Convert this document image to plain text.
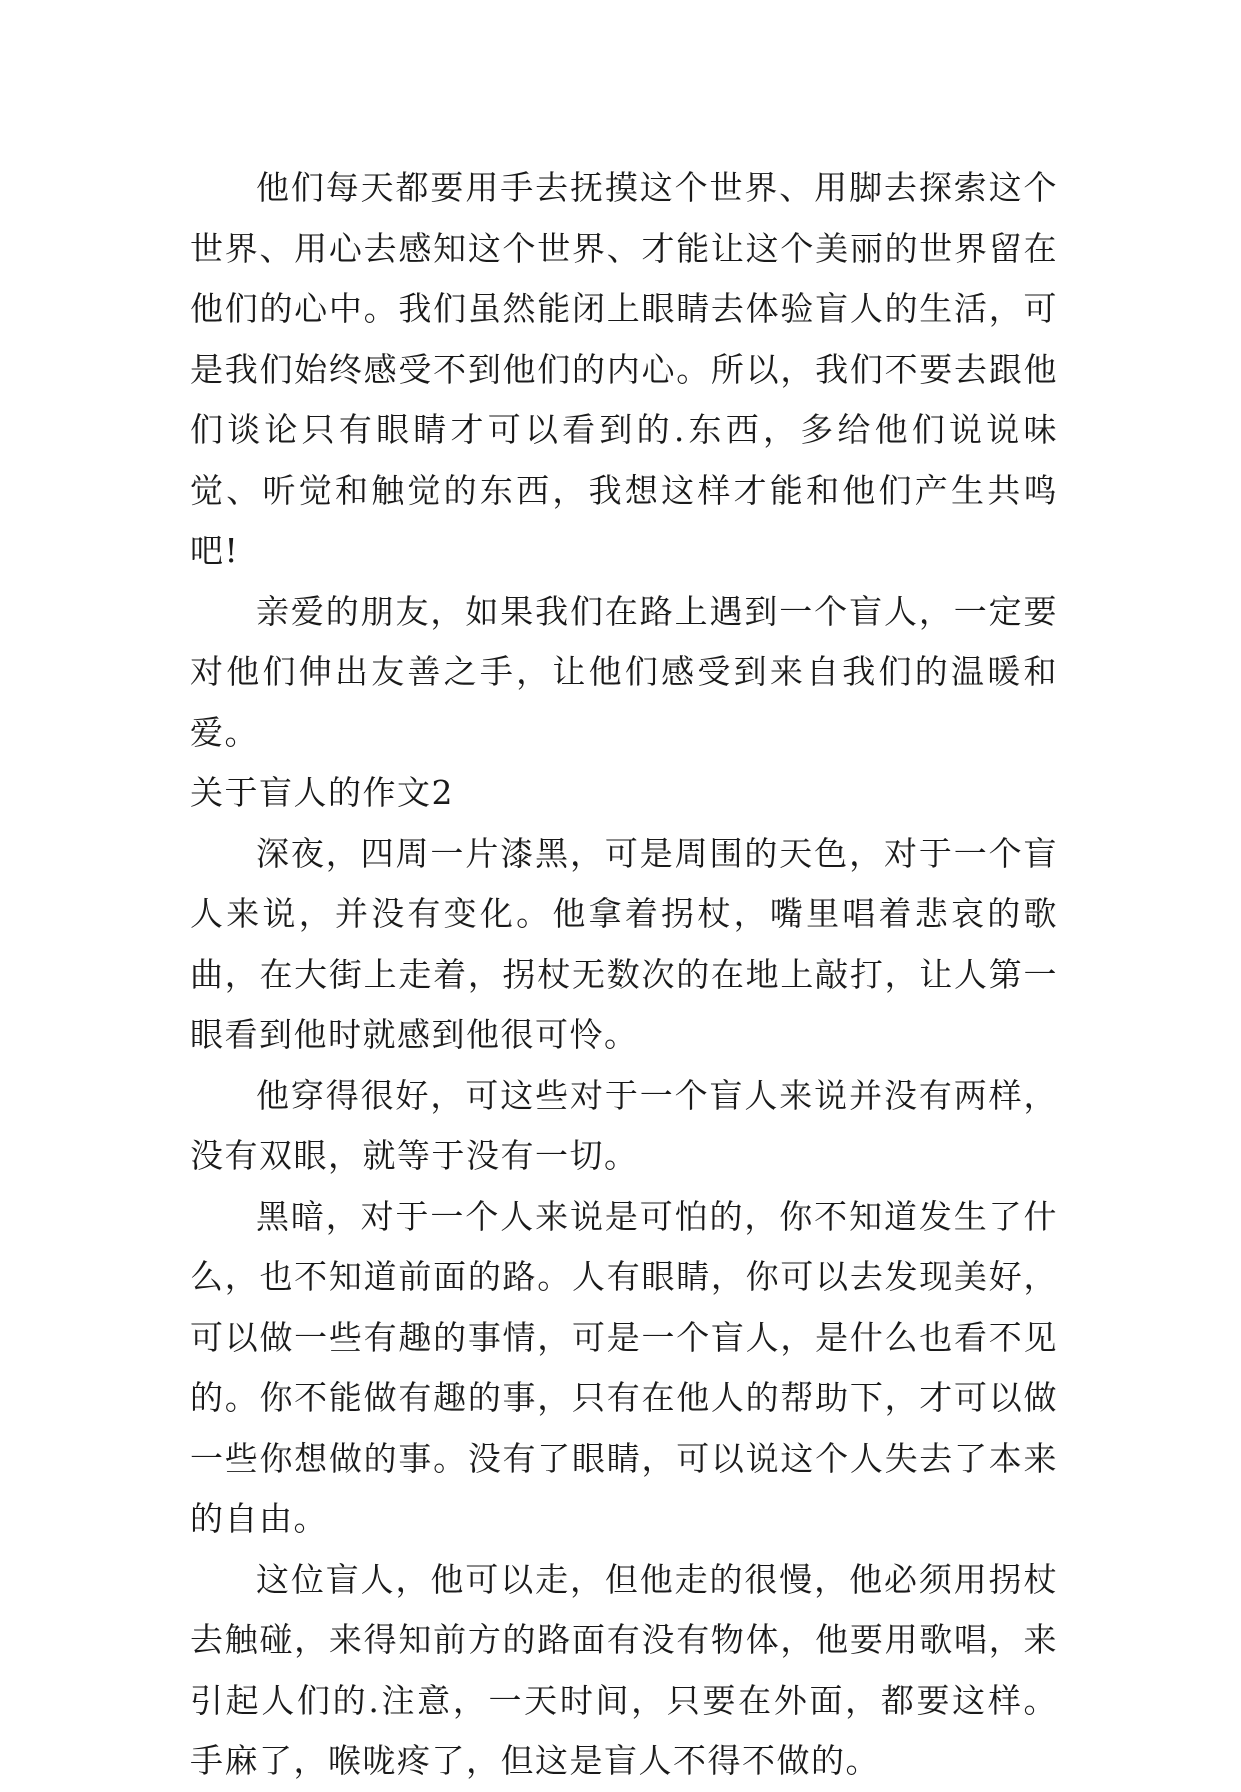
他们每天都要用手去抚摸这个世界、用脚去探索这个世界、用心去感知这个世界、才能让这个美丽的世界留在他们的心中。我们虽然能闭上眼睛去体验盲人的生活，可是我们始终感受不到他们的内心。所以，我们不要去跟他们谈论只有眼睛才可以看到的.东西，多给他们说说味觉、听觉和触觉的东西，我想这样才能和他们产生共鸣吧!

亲爱的朋友，如果我们在路上遇到一个盲人，一定要对他们伸出友善之手，让他们感受到来自我们的温暖和爱。

关于盲人的作文2

深夜，四周一片漆黑，可是周围的天色，对于一个盲人来说，并没有变化。他拿着拐杖，嘴里唱着悲哀的歌曲，在大街上走着，拐杖无数次的在地上敲打，让人第一眼看到他时就感到他很可怜。

他穿得很好，可这些对于一个盲人来说并没有两样，没有双眼，就等于没有一切。

黑暗，对于一个人来说是可怕的，你不知道发生了什么，也不知道前面的路。人有眼睛，你可以去发现美好，可以做一些有趣的事情，可是一个盲人，是什么也看不见的。你不能做有趣的事，只有在他人的帮助下，才可以做一些你想做的事。没有了眼睛，可以说这个人失去了本来的自由。

这位盲人，他可以走，但他走的很慢，他必须用拐杖去触碰，来得知前方的路面有没有物体，他要用歌唱，来引起人们的.注意，一天时间，只要在外面，都要这样。手麻了，喉咙疼了，但这是盲人不得不做的。
